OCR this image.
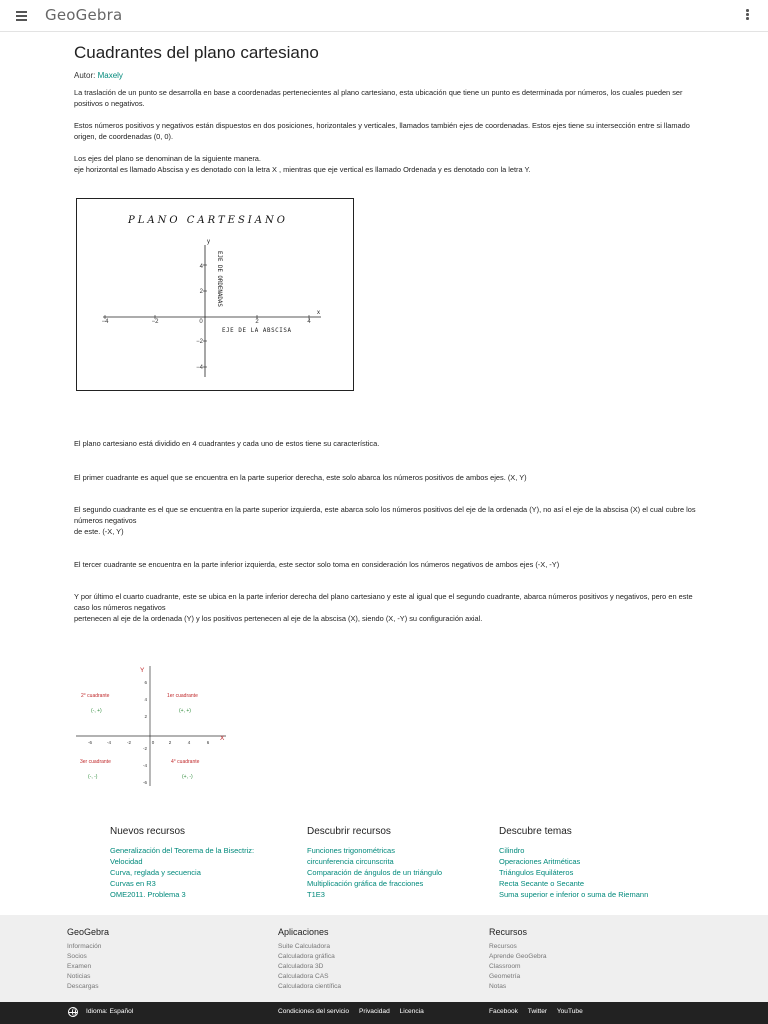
GeoGebra
Cuadrantes del plano cartesiano
Autor: Maxely

La traslación de un punto se desarrolla en base a coordenadas pertenecientes al plano cartesiano, esta ubicación que tiene un punto es determinada por números, los cuales pueden ser positivos o negativos.

Estos números positivos y negativos están dispuestos en dos posiciones, horizontales y verticales, llamados también ejes de coordenadas. Estos ejes tiene su intersección entre si llamado origen, de coordenadas (0, 0).

Los ejes del plano se denominan de la siguiente manera.

eje horizontal es llamado Abscisa y es denotado con la letra X , mientras que eje vertical es llamado Ordenada y es denotado con la letra Y.

PLANO CARTESIANO
y
x
−4	−2	0	2	4
4
2
−2
−4
EJE DE ORDENADAS
EJE DE LA ABSCISA

El plano cartesiano está dividido en 4 cuadrantes y cada uno de estos tiene su característica.

El primer cuadrante es aquel que se encuentra en la parte superior derecha, este solo abarca los números positivos de ambos ejes. (X, Y)

El segundo cuadrante es el que se encuentra en la parte superior izquierda, este abarca solo los números positivos del eje de la ordenada (Y), no así el eje de la abscisa (X) el cual cubre los números negativos

de este. (-X, Y)

El tercer cuadrante se encuentra en la parte inferior izquierda, este sector solo toma en consideración los números negativos de ambos ejes (-X, -Y)

Y por último el cuarto cuadrante, este se ubica en la parte inferior derecha del plano cartesiano y este al igual que el segundo cuadrante, abarca números positivos y negativos, pero en este caso los números negativos

pertenecen al eje de la ordenada (Y) y los positivos pertenecen al eje de la abscisa (X), siendo (X, -Y) su configuración axial.

Y
X
-6	-4	-2	0	2	4	6
6
4
2
-2
-4
-6
2° cuadrante
(-, +)
1er cuadrante
(+, +)
3er cuadrante
(-, -)
4° cuadrante
(+, -)
Nuevos recursos
Generalización del Teorema de la Bisectriz:
Velocidad
Curva, reglada y secuencia
Curvas en R3
OME2011. Problema 3
Descubrir recursos
Funciones trigonométricas
circunferencia circunscrita
Comparación de ángulos de un triángulo
Multiplicación gráfica de fracciones
T1E3
Descubre temas
Cilindro
Operaciones Aritméticas
Triángulos Equiláteros
Recta Secante o Secante
Suma superior e inferior o suma de Riemann
GeoGebra
Información
Socios
Examen
Noticias
Descargas
Aplicaciones
Suite Calculadora
Calculadora gráfica
Calculadora 3D
Calculadora CAS
Calculadora científica
Recursos
Recursos
Aprende GeoGebra
Classroom
Geometría
Notas
Idioma: Español	Condiciones del servicio Privacidad Licencia	Facebook Twitter YouTube
